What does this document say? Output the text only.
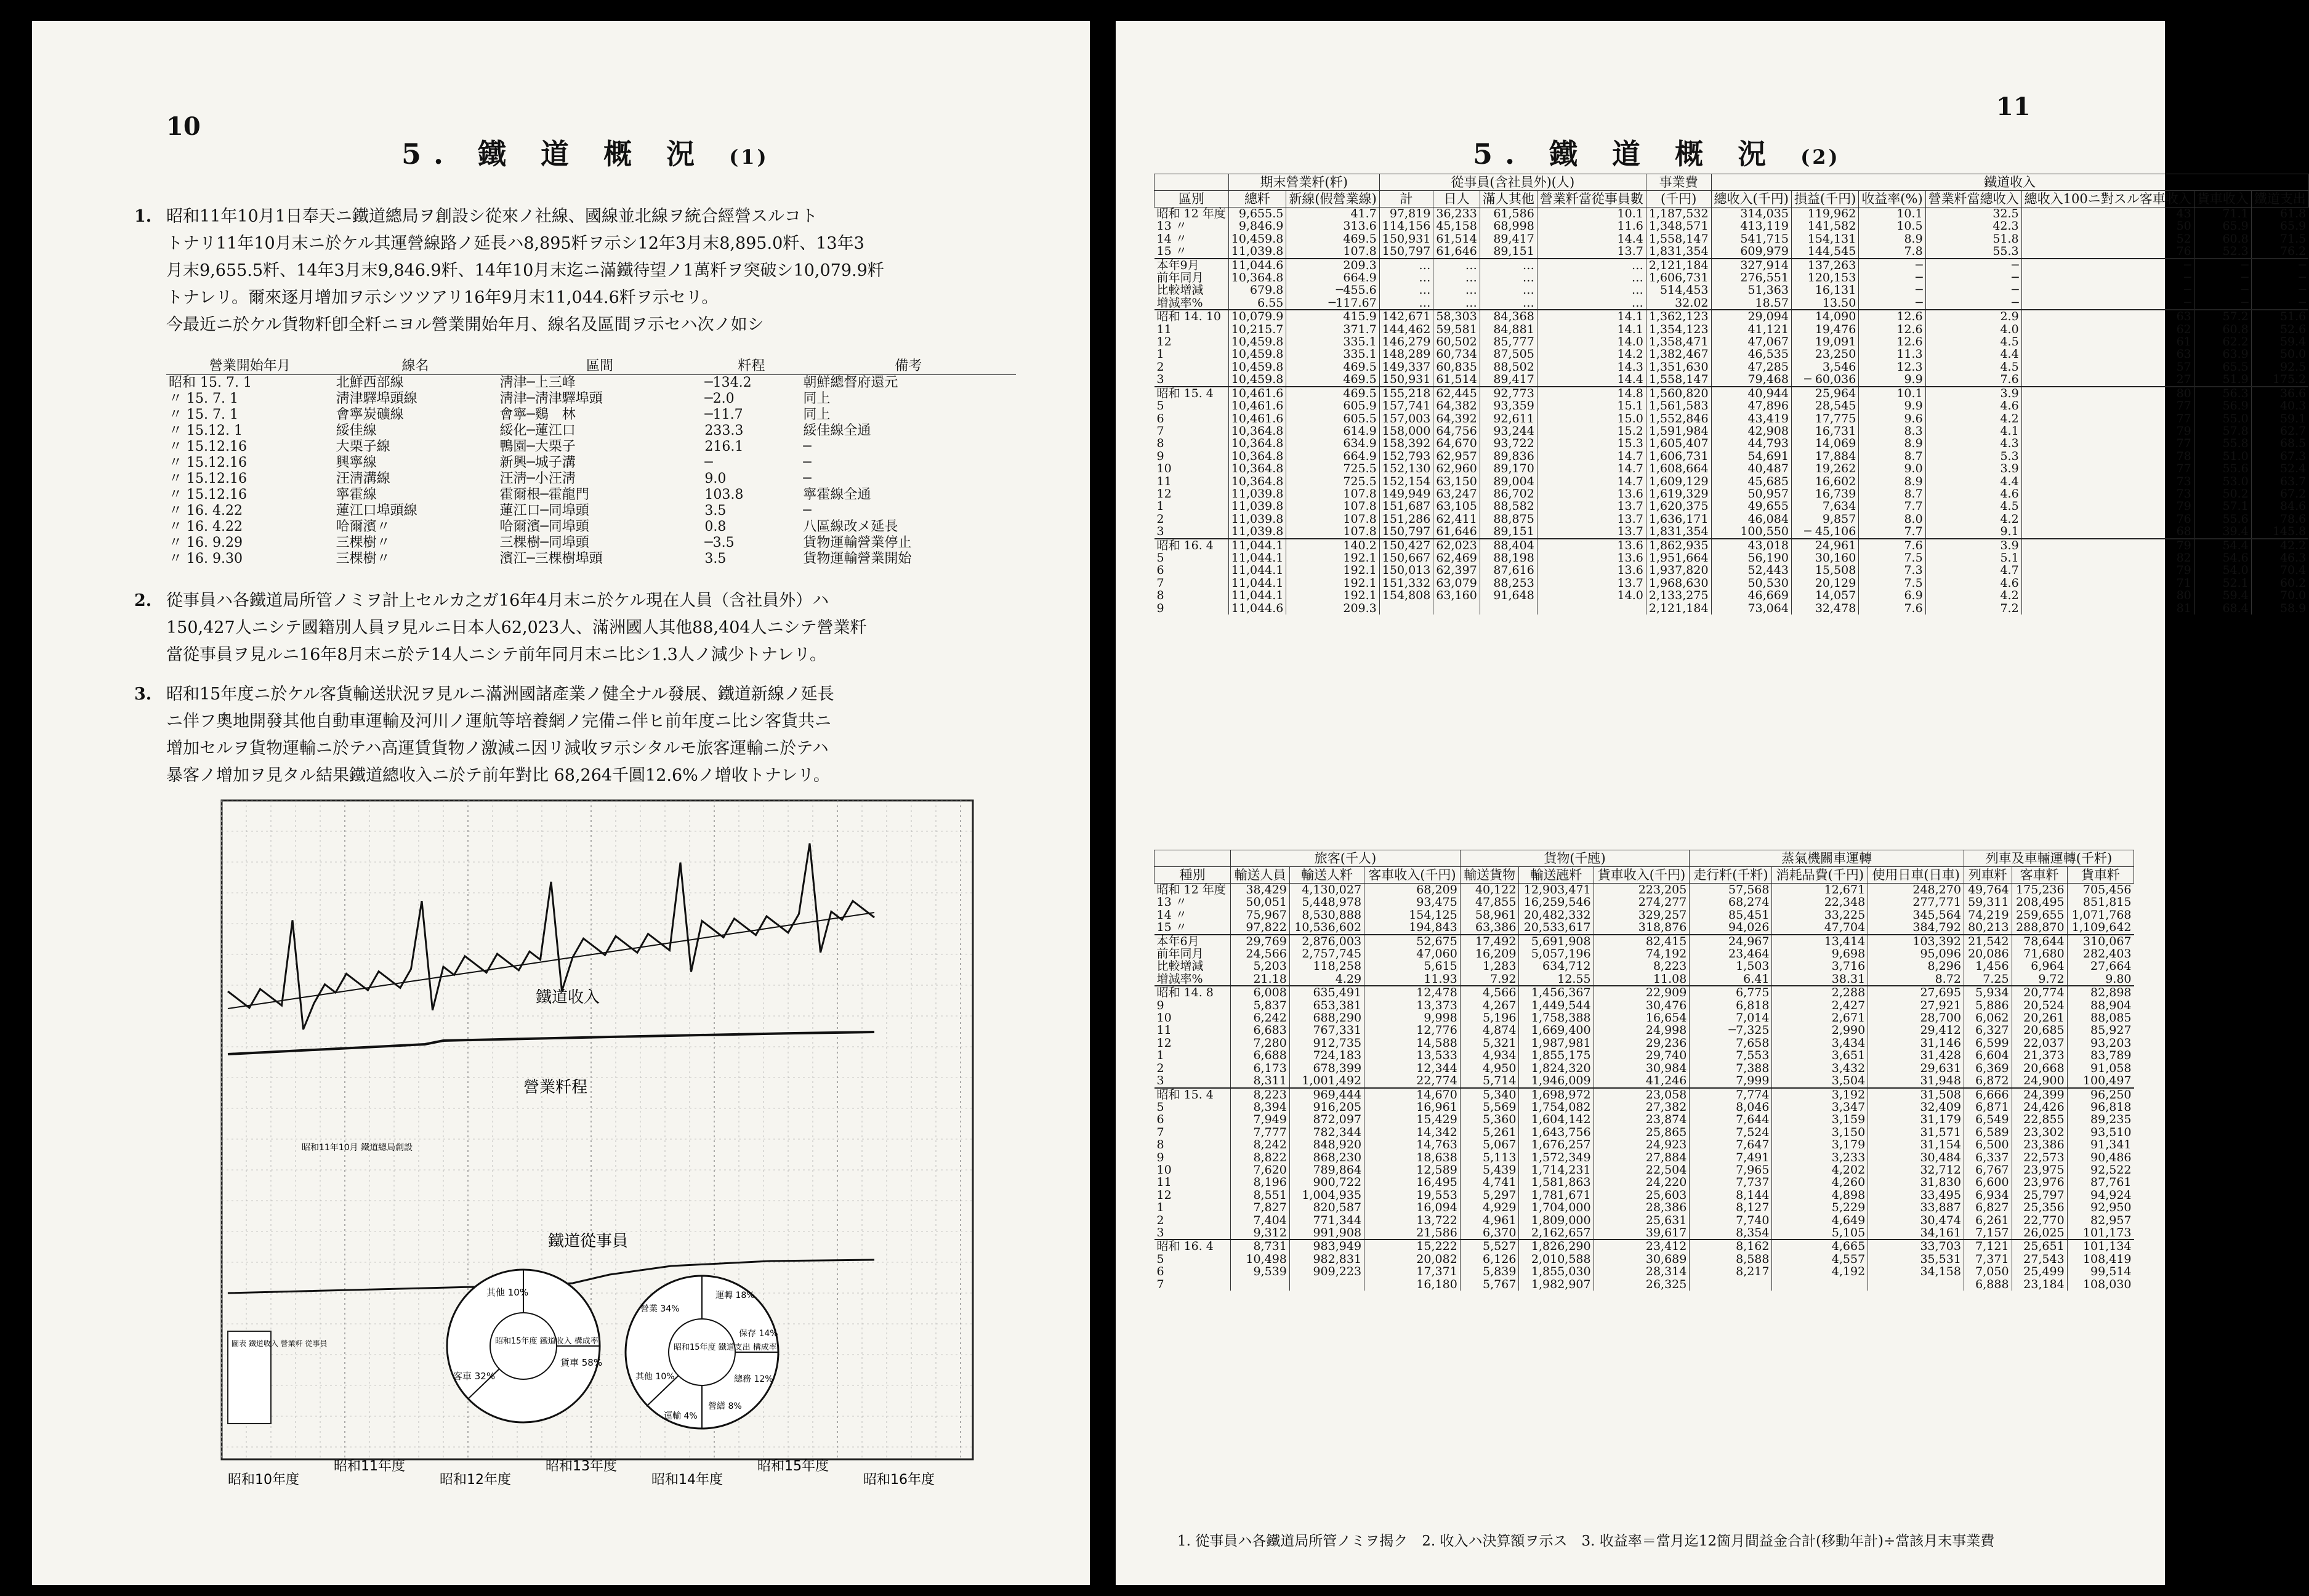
10
5. 鐵 道 概 況 (1)
1. 昭和11年10月1日奉天ニ鐵道總局ヲ創設シ從來ノ社線、國線並北線ヲ統合經營スルコト
トナリ11年10月末ニ於ケル其運營線路ノ延長ハ8,895粁ヲ示シ12年3月末8,895.0粁、13年3
月末9,655.5粁、14年3月末9,846.9粁、14年10月末迄ニ滿鐵待望ノ1萬粁ヲ突破シ10,079.9粁
トナレリ。爾來逐月增加ヲ示シツツアリ16年9月末11,044.6粁ヲ示セリ。
今最近ニ於ケル貨物粁卽全粁ニヨル營業開始年月、線名及區間ヲ示セハ次ノ如シ
營業開始年月	線名	區間	粁程	備考
昭和 15. 7. 1	北鮮西部線	淸津─上三峰	─134.2	朝鮮總督府還元
〃 15. 7. 1	淸津驛埠頭線	淸津─淸津驛埠頭	─2.0	同上
〃 15. 7. 1	會寧炭礦線	會寧─鷄　林	─11.7	同上
〃 15.12. 1	綏佳線	綏化─蓮江口	233.3	綏佳線全通
〃 15.12.16	大栗子線	鴨園─大栗子	216.1	─
〃 15.12.16	興寧線	新興─城子溝	─	─
〃 15.12.16	汪淸溝線	汪淸─小汪淸	9.0	─
〃 15.12.16	寧霍線	霍爾根─霍龍門	103.8	寧霍線全通
〃 16. 4.22	蓮江口埠頭線	蓮江口─同埠頭	3.5	─
〃 16. 4.22	哈爾濱〃	哈爾濱─同埠頭	0.8	八區線改メ延長
〃 16. 9.29	三棵樹〃	三棵樹─同埠頭	─3.5	貨物運輸營業停止
〃 16. 9.30	三棵樹〃	濱江─三棵樹埠頭	3.5	貨物運輸營業開始
2. 從事員ハ各鐵道局所管ノミヲ計上セルカ之ガ16年4月末ニ於ケル現在人員（含社員外）ハ
150,427人ニシテ國籍別人員ヲ見ルニ日本人62,023人、滿洲國人其他88,404人ニシテ營業粁
當從事員ヲ見ルニ16年8月末ニ於テ14人ニシテ前年同月末ニ比シ1.3人ノ減少トナレリ。
3. 昭和15年度ニ於ケル客貨輸送狀況ヲ見ルニ滿洲國諸產業ノ健全ナル發展、鐵道新線ノ延長
ニ伴フ奧地開發其他自動車運輸及河川ノ運航等培養網ノ完備ニ伴ヒ前年度ニ比シ客貨共ニ
增加セルヲ貨物運輸ニ於テハ高運賃貨物ノ激減ニ因リ減收ヲ示シタルモ旅客運輸ニ於テハ
暴客ノ增加ヲ見タル結果鐵道總收入ニ於テ前年對比 68,264千圓12.6%ノ增收トナレリ。
鐵道收入
營業粁程
鐵道從事員
昭和11年10月 鐵道總局創設
圖表 鐵道收入 營業粁 從事員	昭和15年度 鐵道收入 構成率
其他 10%
客車 32%
貨車 58%
昭和15年度 鐵道支出 構成率
營業 34%
運轉 18%
保存 14%
總務 12%
其他 10%
營繕 8%
運輸 4%
昭和10年度
昭和11年度
昭和12年度
昭和13年度
昭和14年度
昭和15年度
昭和16年度
11
5. 鐵 道 概 況 (2)
	期末營業粁(粁)		從事員(含社員外)(人)				事業費	鐵道收入						
區別	總粁	新線(假營業線)	計	日人	滿人其他	營業粁當從事員數	(千円)	總收入(千円)	損益(千円)	收益率(%)	營業粁當總收入	總收入100ニ對スル客車收入	貨車收入	鐵道支出
昭和 12 年度	9,655.5	41.7	97,819	36,233	61,586	10.1	1,187,532	314,035	119,962	10.1	32.5	43	71.1	61.8
13 〃	9,846.9	313.6	114,156	45,158	68,998	11.6	1,348,571	413,119	141,582	10.5	42.3	50	65.9	65.9
14 〃	10,459.8	469.5	150,931	61,514	89,417	14.4	1,558,147	541,715	154,131	8.9	51.8	52	60.8	71.5
15 〃	11,039.8	107.8	150,797	61,646	89,151	13.7	1,831,354	609,979	144,545	7.8	55.3	76	52.3	76.2
本年9月	11,044.6	209.3	…	…	…	…	2,121,184	327,914	137,263	─	─	─	─	─
前年同月	10,364.8	664.9	…	…	…	…	1,606,731	276,551	120,153	─	─	─	─	─
比較增減	679.8	─455.6	…	…	…	…	514,453	51,363	16,131	─	─	─	─	─
增減率%	6.55	─117.67	…	…	…	…	32.02	18.57	13.50	─	─	─	─	─
昭和 14. 10	10,079.9	415.9	142,671	58,303	84,368	14.1	1,362,123	29,094	14,090	12.6	2.9	63	57.2	51.6
11	10,215.7	371.7	144,462	59,581	84,881	14.1	1,354,123	41,121	19,476	12.6	4.0	62	60.8	52.6
12	10,459.8	335.1	146,279	60,502	85,777	14.0	1,358,471	47,067	19,091	12.6	4.5	61	62.2	59.4
1	10,459.8	335.1	148,289	60,734	87,505	14.2	1,382,467	46,535	23,250	11.3	4.4	63	63.9	50.0
2	10,459.8	469.5	149,337	60,835	88,502	14.3	1,351,630	47,285	3,546	12.3	4.5	57	65.5	92.5
3	10,459.8	469.5	150,931	61,514	89,417	14.4	1,558,147	79,468	─ 60,036	9.9	7.6	27	51.9	175.2
昭和 15. 4	10,461.6	469.5	155,218	62,445	92,773	14.8	1,560,820	40,944	25,964	10.1	3.9	80	56.3	36.6
5	10,461.6	605.9	157,741	64,382	93,359	15.1	1,561,583	47,896	28,545	9.9	4.6	77	56.9	40.3
6	10,461.6	605.5	157,003	64,392	92,611	15.0	1,552,846	43,419	17,775	9.6	4.2	77	55.0	59.1
7	10,364.8	614.9	158,000	64,756	93,244	15.2	1,591,984	42,908	16,731	8.3	4.1	79	57.8	62.7
8	10,364.8	634.9	158,392	64,670	93,722	15.3	1,605,407	44,793	14,069	8.9	4.3	77	55.8	68.5
9	10,364.8	664.9	152,793	62,957	89,836	14.7	1,606,731	54,691	17,884	8.7	5.3	78	51.0	67.3
10	10,364.8	725.5	152,130	62,960	89,170	14.7	1,608,664	40,487	19,262	9.0	3.9	77	55.6	52.4
11	10,364.8	725.5	152,154	63,150	89,004	14.7	1,609,129	45,685	16,602	8.9	4.4	73	53.0	63.7
12	11,039.8	107.8	149,949	63,247	86,702	13.6	1,619,329	50,957	16,739	8.7	4.6	73	50.2	67.2
1	11,039.8	107.8	151,687	63,105	88,582	13.7	1,620,375	49,655	7,634	7.7	4.5	79	57.1	84.6
2	11,039.8	107.8	151,286	62,411	88,875	13.7	1,636,171	46,084	9,857	8.0	4.2	76	55.6	78.6
3	11,039.8	107.8	150,797	61,646	89,151	13.7	1,831,354	100,550	─ 45,106	7.7	9.1	68	39.4	145.8
昭和 16. 4	11,044.1	140.2	150,427	62,023	88,404	13.6	1,862,935	43,018	24,961	7.6	3.9	79	54.4	42.2
5	11,044.1	192.1	150,667	62,469	88,198	13.6	1,951,664	56,190	30,160	7.5	5.1	82	54.6	46.3
6	11,044.1	192.1	150,013	62,397	87,616	13.6	1,937,820	52,443	15,508	7.3	4.7	79	54.0	70.4
7	11,044.1	192.1	151,332	63,079	88,253	13.7	1,968,630	50,530	20,129	7.5	4.6	71	52.1	60.2
8	11,044.1	192.1	154,808	63,160	91,648	14.0	2,133,275	46,669	14,057	6.9	4.2	80	59.4	70.0
9	11,044.6	209.3					2,121,184	73,064	32,478	7.6	7.2	81	68.4	58.9
	旅客(千人)			貨物(千瓲)			蒸氣機關車運轉			列車及車輛運轉(千粁)		
種別	輸送人員	輸送人粁	客車收入(千円)	輸送貨物	輸送瓲粁	貨車收入(千円)	走行粁(千粁)	消耗品費(千円)	使用日車(日車)	列車粁	客車粁	貨車粁
昭和 12 年度	38,429	4,130,027	68,209	40,122	12,903,471	223,205	57,568	12,671	248,270	49,764	175,236	705,456
13 〃	50,051	5,448,978	93,475	47,855	16,259,546	274,277	68,274	22,348	277,771	59,311	208,495	851,815
14 〃	75,967	8,530,888	154,125	58,961	20,482,332	329,257	85,451	33,225	345,564	74,219	259,655	1,071,768
15 〃	97,822	10,536,602	194,843	63,386	20,533,617	318,876	94,026	47,704	384,792	80,213	288,870	1,109,642
本年6月	29,769	2,876,003	52,675	17,492	5,691,908	82,415	24,967	13,414	103,392	21,542	78,644	310,067
前年同月	24,566	2,757,745	47,060	16,209	5,057,196	74,192	23,464	9,698	95,096	20,086	71,680	282,403
比較增減	5,203	118,258	5,615	1,283	634,712	8,223	1,503	3,716	8,296	1,456	6,964	27,664
增減率%	21.18	4.29	11.93	7.92	12.55	11.08	6.41	38.31	8.72	7.25	9.72	9.80
昭和 14. 8	6,008	635,491	12,478	4,566	1,456,367	22,909	6,775	2,288	27,695	5,934	20,774	82,898
9	5,837	653,381	13,373	4,267	1,449,544	30,476	6,818	2,427	27,921	5,886	20,524	88,904
10	6,242	688,290	9,998	5,196	1,758,388	16,654	7,014	2,671	28,700	6,062	20,261	88,085
11	6,683	767,331	12,776	4,874	1,669,400	24,998	─7,325	2,990	29,412	6,327	20,685	85,927
12	7,280	912,735	14,588	5,321	1,987,981	29,236	7,658	3,434	31,146	6,599	22,037	93,203
1	6,688	724,183	13,533	4,934	1,855,175	29,740	7,553	3,651	31,428	6,604	21,373	83,789
2	6,173	678,399	12,344	4,950	1,824,320	30,984	7,388	3,432	29,631	6,369	20,668	91,058
3	8,311	1,001,492	22,774	5,714	1,946,009	41,246	7,999	3,504	31,948	6,872	24,900	100,497
昭和 15. 4	8,223	969,444	14,670	5,340	1,698,972	23,058	7,774	3,192	31,508	6,666	24,399	96,250
5	8,394	916,205	16,961	5,569	1,754,082	27,382	8,046	3,347	32,409	6,871	24,426	96,818
6	7,949	872,097	15,429	5,360	1,604,142	23,874	7,644	3,159	31,179	6,549	22,855	89,235
7	7,777	782,344	14,342	5,261	1,643,756	25,865	7,524	3,150	31,571	6,589	23,302	93,510
8	8,242	848,920	14,763	5,067	1,676,257	24,923	7,647	3,179	31,154	6,500	23,386	91,341
9	8,822	868,230	18,638	5,113	1,572,349	27,884	7,491	3,233	30,484	6,337	22,573	90,486
10	7,620	789,864	12,589	5,439	1,714,231	22,504	7,965	4,202	32,712	6,767	23,975	92,522
11	8,196	900,722	16,495	4,741	1,581,863	24,220	7,737	4,260	31,830	6,600	23,976	87,761
12	8,551	1,004,935	19,553	5,297	1,781,671	25,603	8,144	4,898	33,495	6,934	25,797	94,924
1	7,827	820,587	16,094	4,929	1,704,000	28,386	8,127	5,229	33,887	6,827	25,356	92,950
2	7,404	771,344	13,722	4,961	1,809,000	25,631	7,740	4,649	30,474	6,261	22,770	82,957
3	9,312	991,908	21,586	6,370	2,162,657	39,617	8,354	5,105	34,161	7,157	26,025	101,173
昭和 16. 4	8,731	983,949	15,222	5,527	1,826,290	23,412	8,162	4,665	33,703	7,121	25,651	101,134
5	10,498	982,831	20,082	6,126	2,010,588	30,689	8,588	4,557	35,531	7,371	27,543	108,419
6	9,539	909,223	17,371	5,839	1,855,030	28,314	8,217	4,192	34,158	7,050	25,499	99,514
7			16,180	5,767	1,982,907	26,325				6,888	23,184	108,030
1. 從事員ハ各鐵道局所管ノミヲ揭ク　2. 收入ハ決算額ヲ示ス　3. 收益率＝當月迄12箇月間益金合計(移動年計)÷當該月末事業費
